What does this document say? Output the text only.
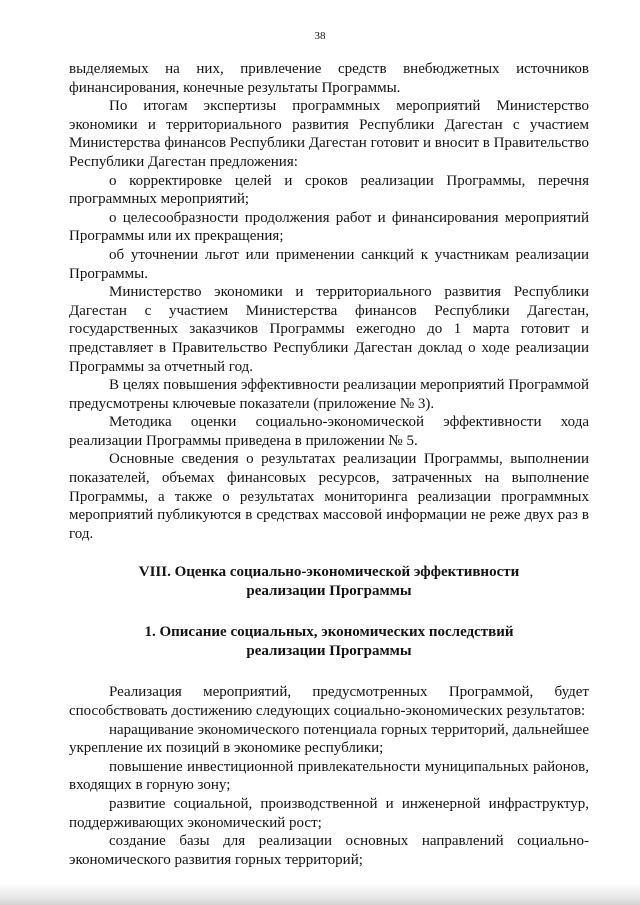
38

выделяемых на них, привлечение средств внебюджетных источников финансирования, конечные результаты Программы.

По итогам экспертизы программных мероприятий Министерство экономики и территориального развития Республики Дагестан с участием Министерства финансов Республики Дагестан готовит и вносит в Правительство Республики Дагестан предложения:

о корректировке целей и сроков реализации Программы, перечня программных мероприятий;

о целесообразности продолжения работ и финансирования мероприятий Программы или их прекращения;

об уточнении льгот или применении санкций к участникам реализации Программы.

Министерство экономики и территориального развития Республики Дагестан с участием Министерства финансов Республики Дагестан, государственных заказчиков Программы ежегодно до 1 марта готовит и представляет в Правительство Республики Дагестан доклад о ходе реализации Программы за отчетный год.

В целях повышения эффективности реализации мероприятий Программой предусмотрены ключевые показатели (приложение № 3).

Методика оценки социально-экономической эффективности хода реализации Программы приведена в приложении № 5.

Основные сведения о результатах реализации Программы, выполнении показателей, объемах финансовых ресурсов, затраченных на выполнение Программы, а также о результатах мониторинга реализации программных мероприятий публикуются в средствах массовой информации не реже двух раз в год.

VIII. Оценка социально-экономической эффективности
реализации Программы
1. Описание социальных, экономических последствий
реализации Программы

Реализация мероприятий, предусмотренных Программой, будет способствовать достижению следующих социально-экономических результатов:

наращивание экономического потенциала горных территорий, дальнейшее укрепление их позиций в экономике республики;

повышение инвестиционной привлекательности муниципальных районов, входящих в горную зону;

развитие социальной, производственной и инженерной инфраструктур, поддерживающих экономический рост;

создание базы для реализации основных направлений социально-экономического развития горных территорий;
